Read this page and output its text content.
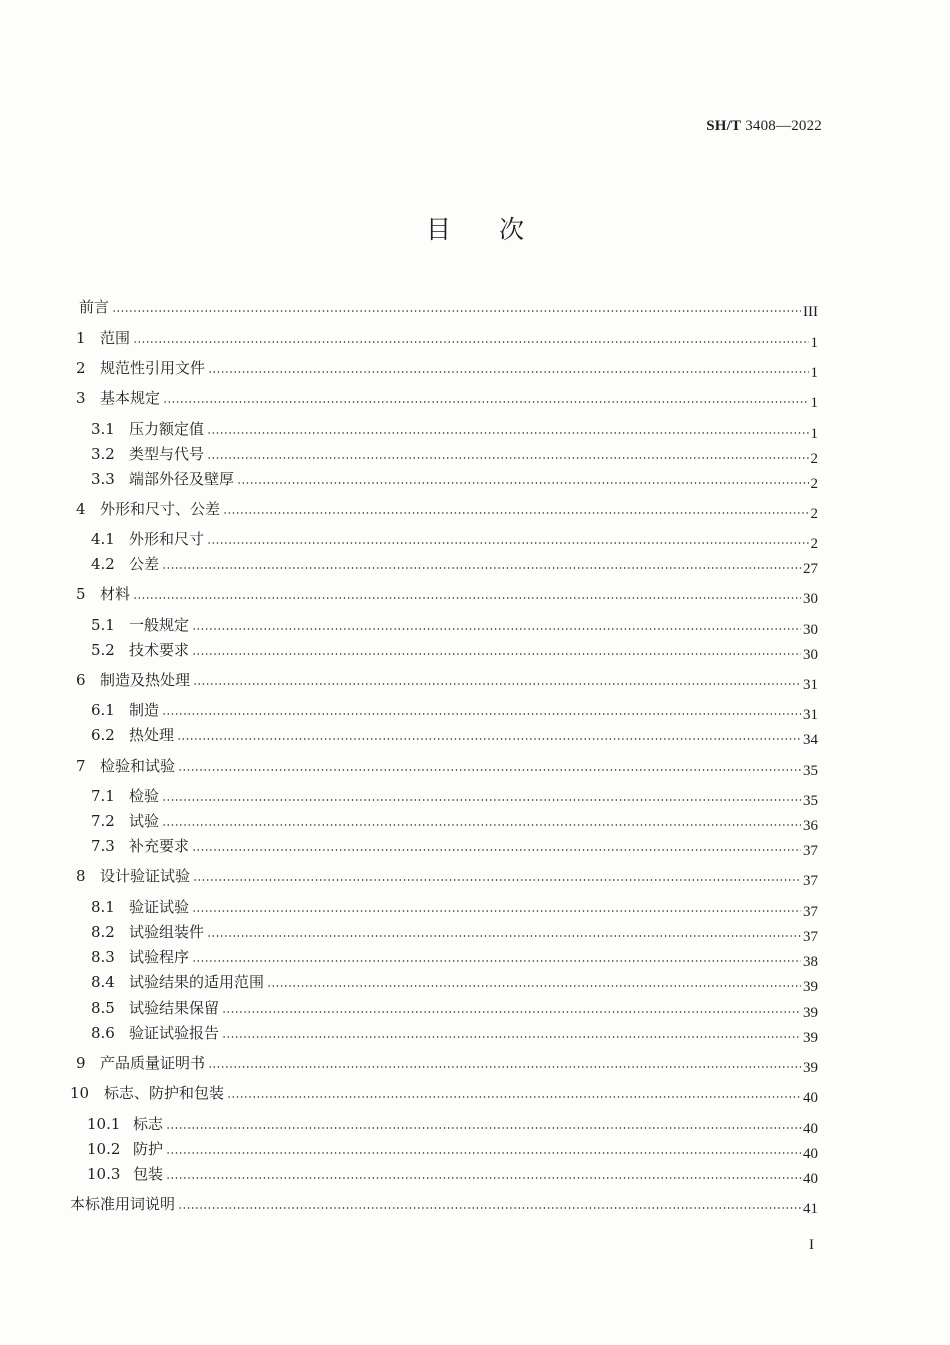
SH/T 3408—2022
目次
前言	III
1 范围	1
2 规范性引用文件	1
3 基本规定	1
3.1 压力额定值	1
3.2 类型与代号	2
3.3 端部外径及壁厚	2
4 外形和尺寸、公差	2
4.1 外形和尺寸	2
4.2 公差	27
5 材料	30
5.1 一般规定	30
5.2 技术要求	30
6 制造及热处理	31
6.1 制造	31
6.2 热处理	34
7 检验和试验	35
7.1 检验	35
7.2 试验	36
7.3 补充要求	37
8 设计验证试验	37
8.1 验证试验	37
8.2 试验组装件	37
8.3 试验程序	38
8.4 试验结果的适用范围	39
8.5 试验结果保留	39
8.6 验证试验报告	39
9 产品质量证明书	39
10 标志、防护和包装	40
10.1 标志	40
10.2 防护	40
10.3 包装	40
本标准用词说明	41
I
